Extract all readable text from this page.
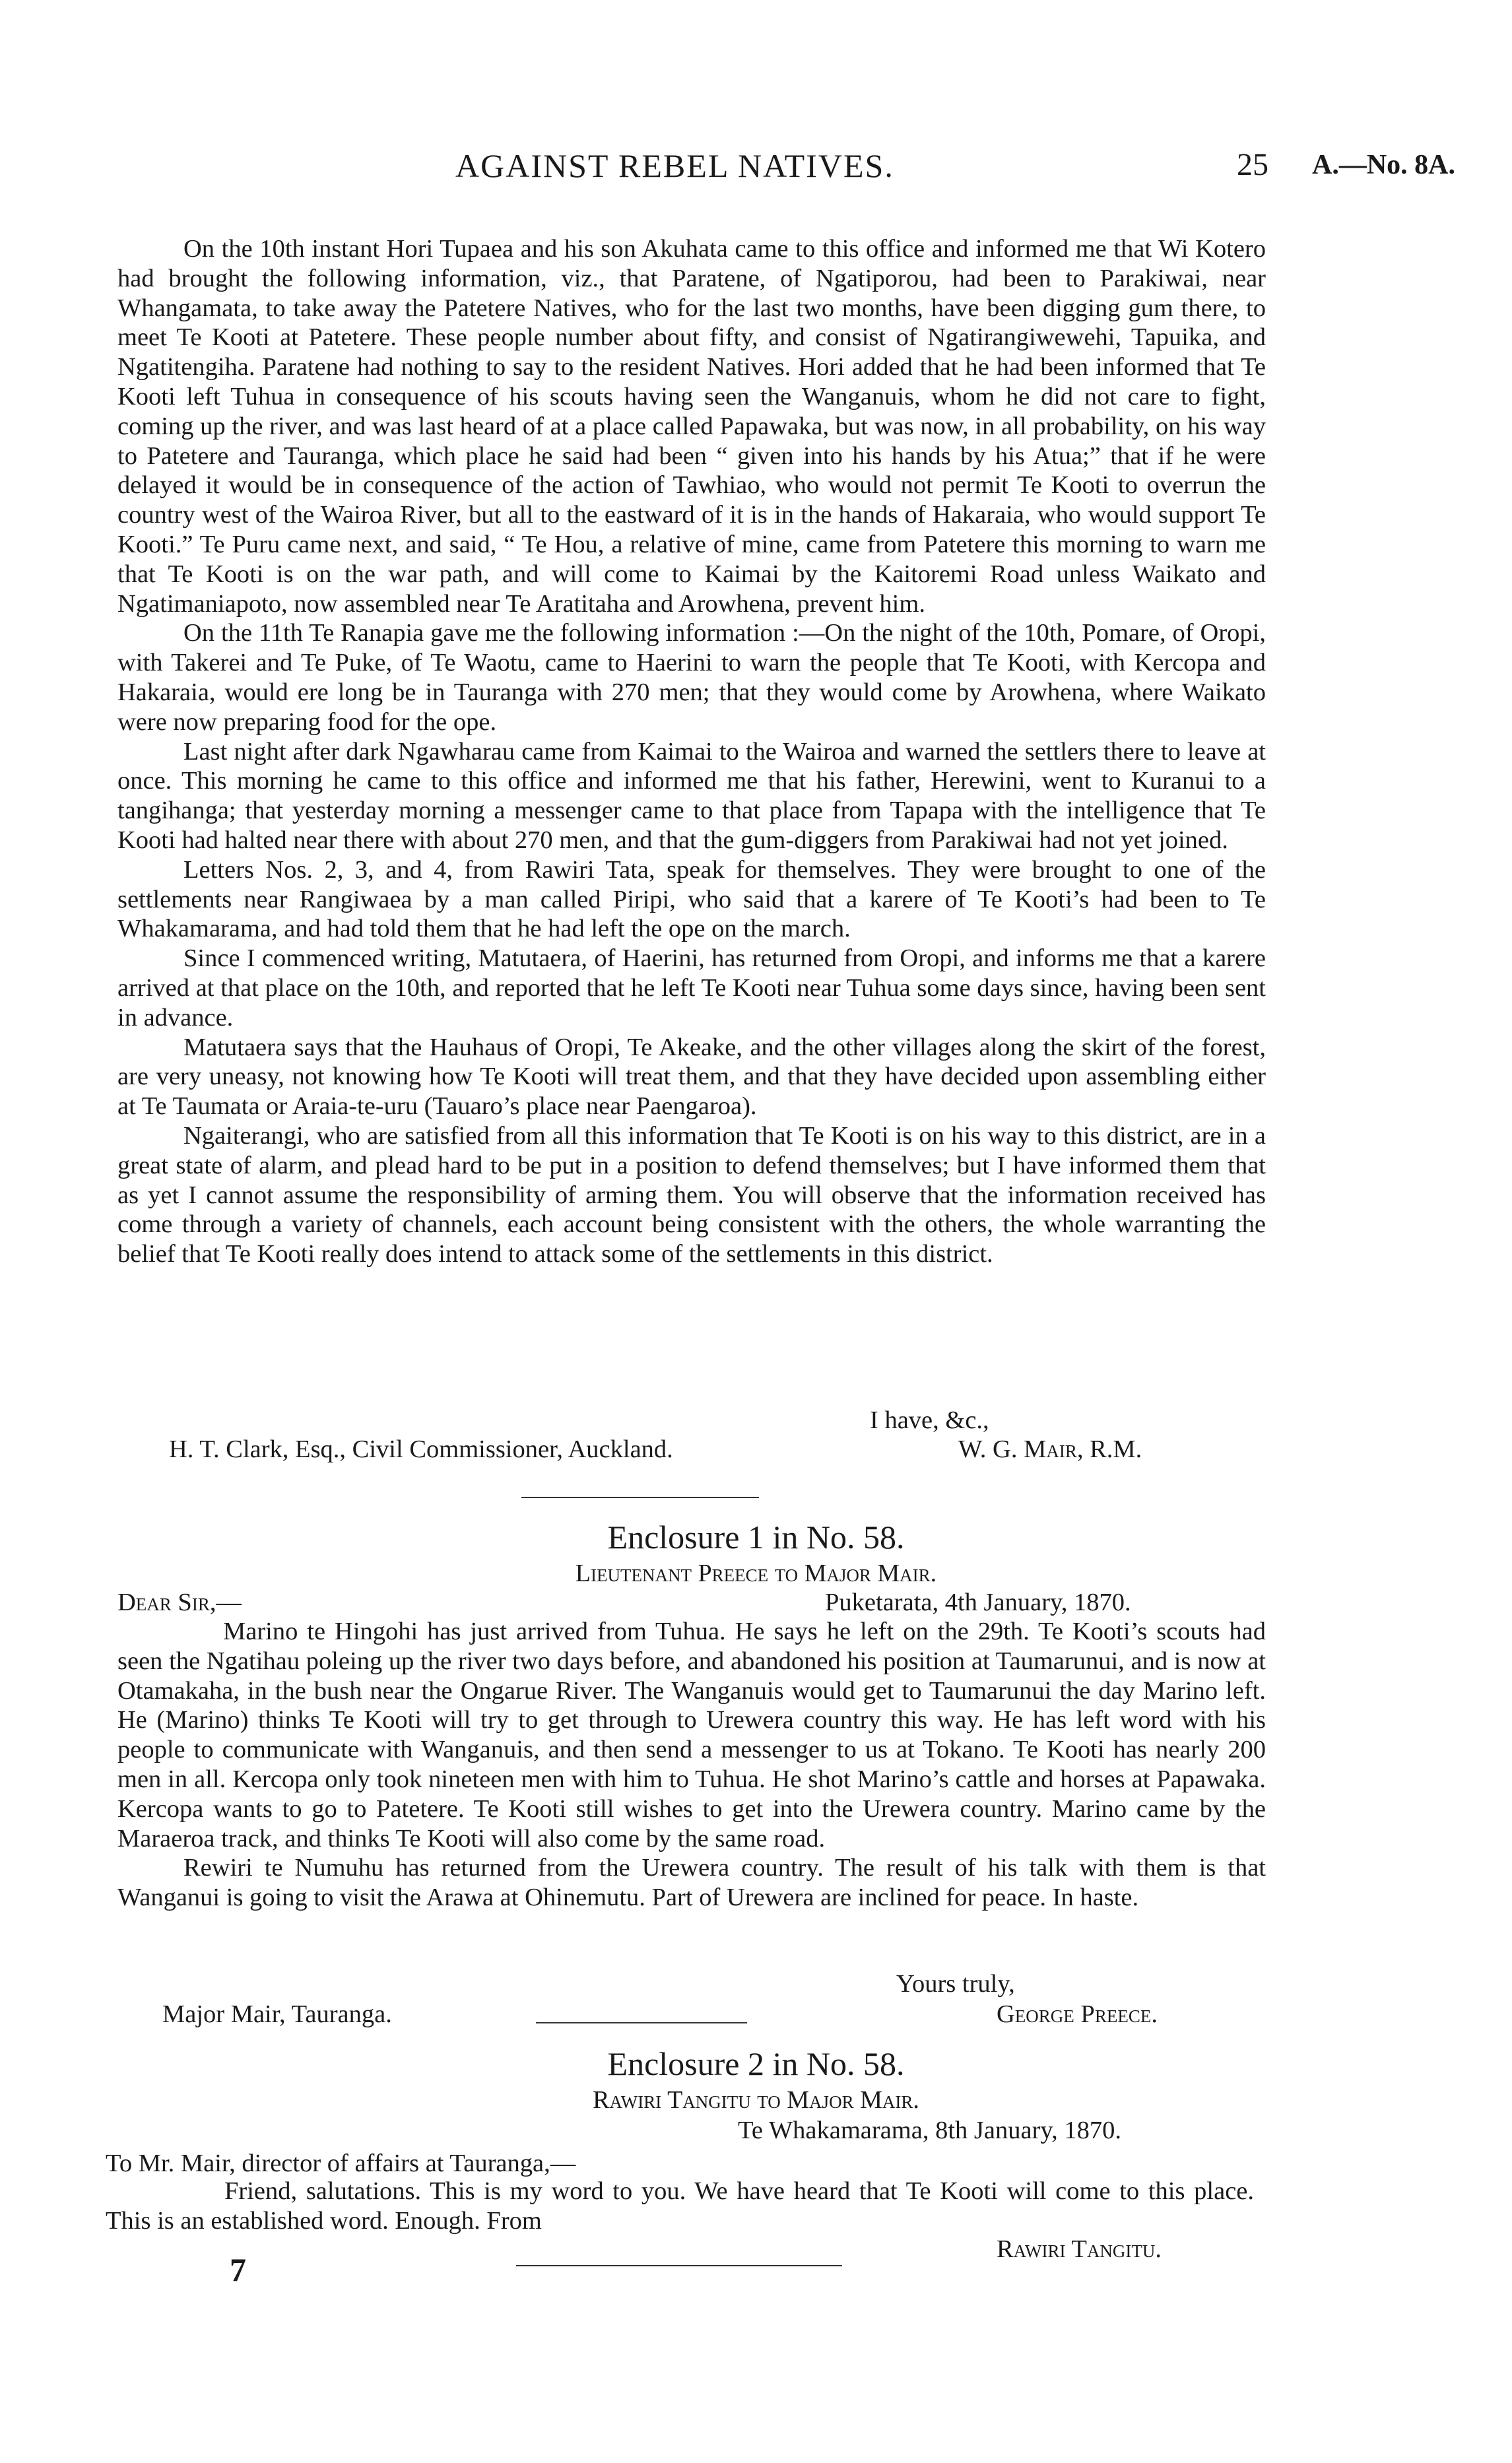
AGAINST REBEL NATIVES.	25 A.—No. 8A.

On the 10th instant Hori Tupaea and his son Akuhata came to this office and informed me that Wi Kotero had brought the following information, viz., that Paratene, of Ngatiporou, had been to Parakiwai, near Whangamata, to take away the Patetere Natives, who for the last two months, have been digging gum there, to meet Te Kooti at Patetere. These people number about fifty, and consist of Ngatirangiwewehi, Tapuika, and Ngatitengiha. Paratene had nothing to say to the resident Natives. Hori added that he had been informed that Te Kooti left Tuhua in consequence of his scouts having seen the Wanganuis, whom he did not care to fight, coming up the river, and was last heard of at a place called Papawaka, but was now, in all probability, on his way to Patetere and Tauranga, which place he said had been “ given into his hands by his Atua;” that if he were delayed it would be in consequence of the action of Tawhiao, who would not permit Te Kooti to overrun the country west of the Wairoa River, but all to the eastward of it is in the hands of Hakaraia, who would support Te Kooti.” Te Puru came next, and said, “ Te Hou, a relative of mine, came from Patetere this morning to warn me that Te Kooti is on the war path, and will come to Kaimai by the Kaitoremi Road unless Waikato and Ngatimaniapoto, now assembled near Te Aratitaha and Arowhena, prevent him.

On the 11th Te Ranapia gave me the following information :—On the night of the 10th, Pomare, of Oropi, with Takerei and Te Puke, of Te Waotu, came to Haerini to warn the people that Te Kooti, with Kercopa and Hakaraia, would ere long be in Tauranga with 270 men; that they would come by Arowhena, where Waikato were now preparing food for the ope.

Last night after dark Ngawharau came from Kaimai to the Wairoa and warned the settlers there to leave at once. This morning he came to this office and informed me that his father, Herewini, went to Kuranui to a tangihanga; that yesterday morning a messenger came to that place from Tapapa with the intelligence that Te Kooti had halted near there with about 270 men, and that the gum-diggers from Parakiwai had not yet joined.

Letters Nos. 2, 3, and 4, from Rawiri Tata, speak for themselves. They were brought to one of the settlements near Rangiwaea by a man called Piripi, who said that a karere of Te Kooti’s had been to Te Whakamarama, and had told them that he had left the ope on the march.

Since I commenced writing, Matutaera, of Haerini, has returned from Oropi, and informs me that a karere arrived at that place on the 10th, and reported that he left Te Kooti near Tuhua some days since, having been sent in advance.

Matutaera says that the Hauhaus of Oropi, Te Akeake, and the other villages along the skirt of the forest, are very uneasy, not knowing how Te Kooti will treat them, and that they have decided upon assembling either at Te Taumata or Araia-te-uru (Tauaro’s place near Paengaroa).

Ngaiterangi, who are satisfied from all this information that Te Kooti is on his way to this district, are in a great state of alarm, and plead hard to be put in a position to defend themselves; but I have informed them that as yet I cannot assume the responsibility of arming them. You will observe that the information received has come through a variety of channels, each account being consistent with the others, the whole warranting the belief that Te Kooti really does intend to attack some of the settlements in this district.

I have, &c.,
H. T. Clark, Esq., Civil Commissioner, Auckland.	W. G. Mair, R.M.
Enclosure 1 in No. 58.
Lieutenant Preece to Major Mair.
Dear Sir,—	Puketarata, 4th January, 1870.

Marino te Hingohi has just arrived from Tuhua. He says he left on the 29th. Te Kooti’s scouts had seen the Ngatihau poleing up the river two days before, and abandoned his position at Taumarunui, and is now at Otamakaha, in the bush near the Ongarue River. The Wanganuis would get to Taumarunui the day Marino left. He (Marino) thinks Te Kooti will try to get through to Urewera country this way. He has left word with his people to communicate with Wanganuis, and then send a messenger to us at Tokano. Te Kooti has nearly 200 men in all. Kercopa only took nineteen men with him to Tuhua. He shot Marino’s cattle and horses at Papawaka. Kercopa wants to go to Patetere. Te Kooti still wishes to get into the Urewera country. Marino came by the Maraeroa track, and thinks Te Kooti will also come by the same road.

Rewiri te Numuhu has returned from the Urewera country. The result of his talk with them is that Wanganui is going to visit the Arawa at Ohinemutu. Part of Urewera are inclined for peace. In haste.

Yours truly,
Major Mair, Tauranga.	George Preece.
Enclosure 2 in No. 58.
Rawiri Tangitu to Major Mair.
Te Whakamarama, 8th January, 1870.
To Mr. Mair, director of affairs at Tauranga,—

Friend, salutations. This is my word to you. We have heard that Te Kooti will come to this place. This is an established word. Enough. From

Rawiri Tangitu.
7
